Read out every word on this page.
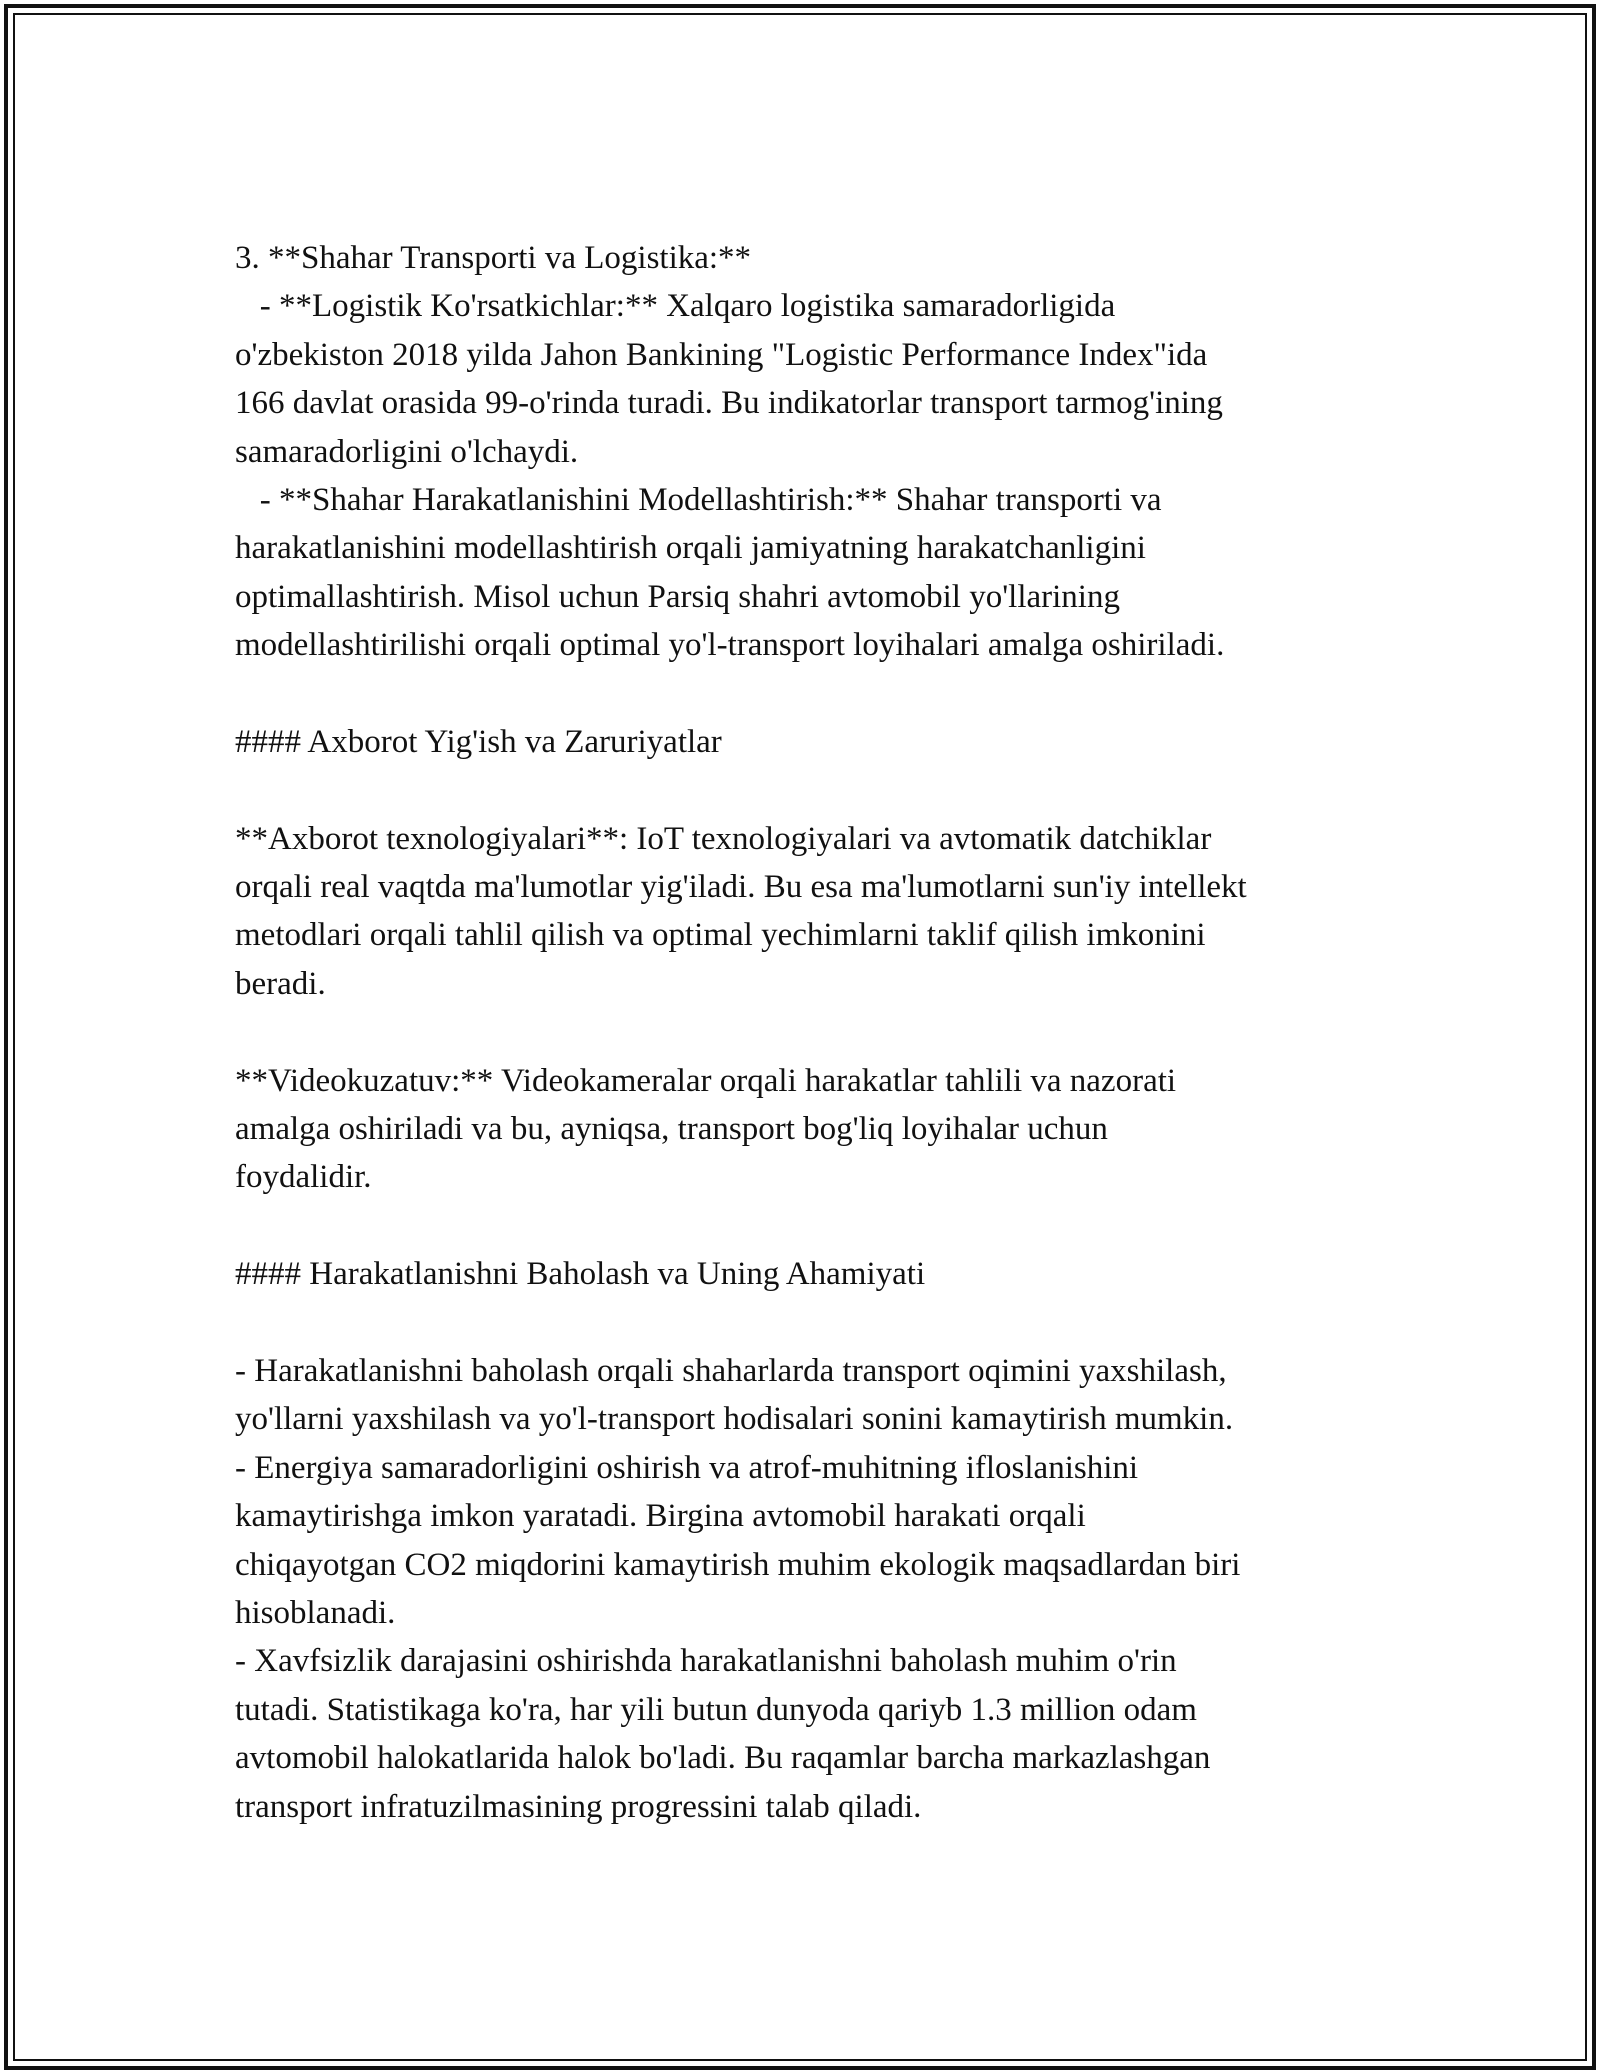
3. **Shahar Transporti va Logistika:**
- **Logistik Ko'rsatkichlar:** Xalqaro logistika samaradorligida
o'zbekiston 2018 yilda Jahon Bankining "Logistic Performance Index"ida
166 davlat orasida 99-o'rinda turadi. Bu indikatorlar transport tarmog'ining
samaradorligini o'lchaydi.
- **Shahar Harakatlanishini Modellashtirish:** Shahar transporti va
harakatlanishini modellashtirish orqali jamiyatning harakatchanligini
optimallashtirish. Misol uchun Parsiq shahri avtomobil yo'llarining
modellashtirilishi orqali optimal yo'l-transport loyihalari amalga oshiriladi.
#### Axborot Yig'ish va Zaruriyatlar
**Axborot texnologiyalari**: IoT texnologiyalari va avtomatik datchiklar
orqali real vaqtda ma'lumotlar yig'iladi. Bu esa ma'lumotlarni sun'iy intellekt
metodlari orqali tahlil qilish va optimal yechimlarni taklif qilish imkonini
beradi.
**Videokuzatuv:** Videokameralar orqali harakatlar tahlili va nazorati
amalga oshiriladi va bu, ayniqsa, transport bog'liq loyihalar uchun
foydalidir.
#### Harakatlanishni Baholash va Uning Ahamiyati
- Harakatlanishni baholash orqali shaharlarda transport oqimini yaxshilash,
yo'llarni yaxshilash va yo'l-transport hodisalari sonini kamaytirish mumkin.
- Energiya samaradorligini oshirish va atrof-muhitning ifloslanishini
kamaytirishga imkon yaratadi. Birgina avtomobil harakati orqali
chiqayotgan CO2 miqdorini kamaytirish muhim ekologik maqsadlardan biri
hisoblanadi.
- Xavfsizlik darajasini oshirishda harakatlanishni baholash muhim o'rin
tutadi. Statistikaga ko'ra, har yili butun dunyoda qariyb 1.3 million odam
avtomobil halokatlarida halok bo'ladi. Bu raqamlar barcha markazlashgan
transport infratuzilmasining progressini talab qiladi.
